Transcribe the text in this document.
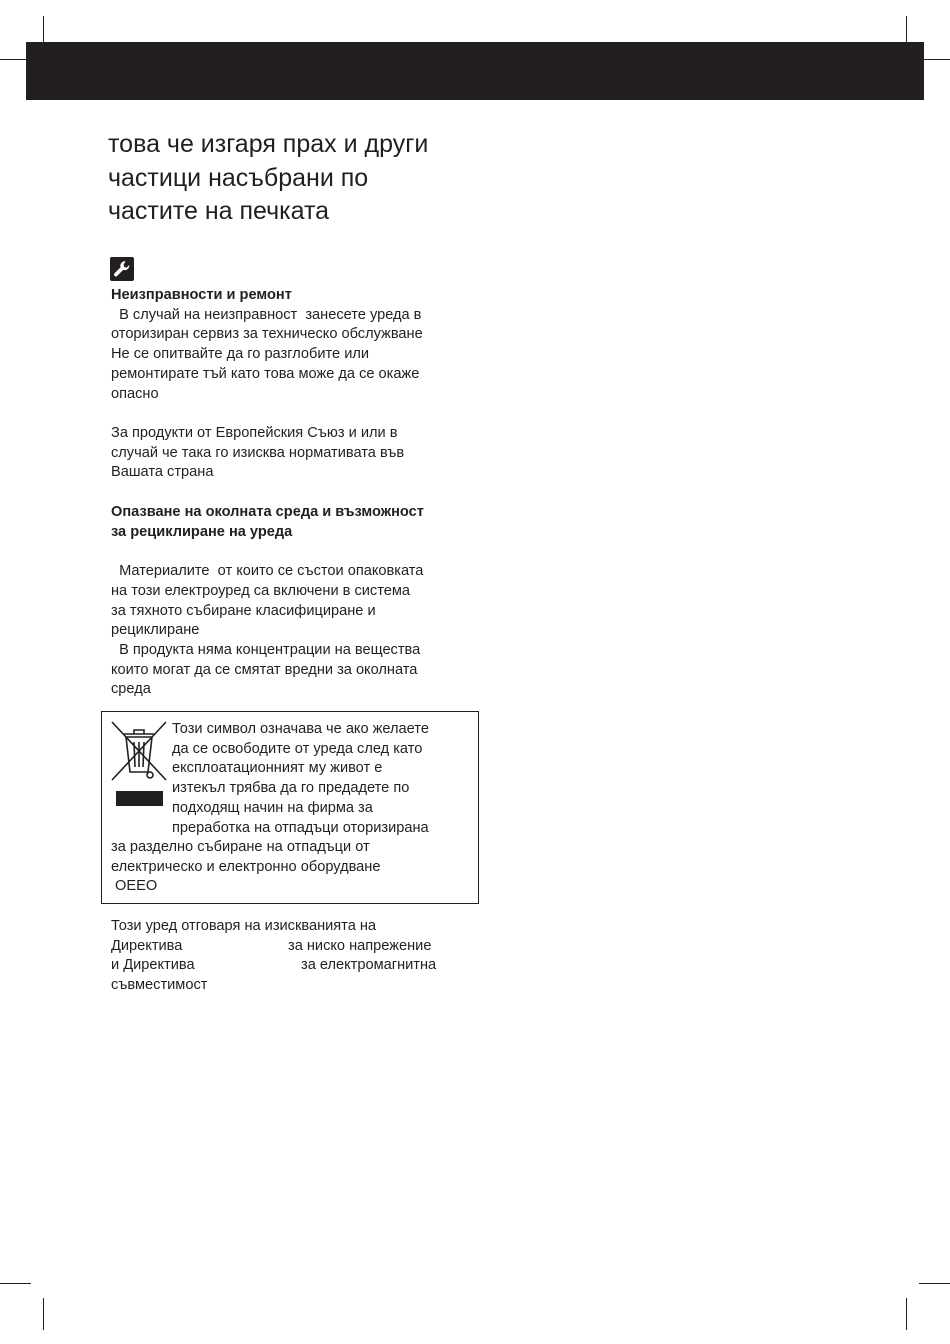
това че изгаря прах и други
частици насъбрани по
частите на печката
Неизправности и ремонт
В случай на неизправност  занесете уреда в
оторизиран сервиз за техническо обслужване
Не се опитвайте да го разглобите или
ремонтирате тъй като това може да се окаже
опасно
За продукти от Европейския Съюз и или в
случай че така го изисква нормативата във
Вашата страна
Опазване на околната среда и възможност
за рециклиране на уреда
Материалите  от които се състои опаковката
на този електроуред са включени в система
за тяхното събиране класифициране и
рециклиране
В продукта няма концентрации на вещества
които могат да се смятат вредни за околната
среда
Този символ означава че ако желаете
да се освободите от уреда след като
експлоатационният му живот е
изтекъл трябва да го предадете по
подходящ начин на фирма за
преработка на отпадъци оторизирана
за разделно събиране на отпадъци от
електрическо и електронно оборудване
ОЕЕО
Този уред отговаря на изискванията на
Директива	за ниско напрежение
и Директива	за електромагнитна
съвместимост
